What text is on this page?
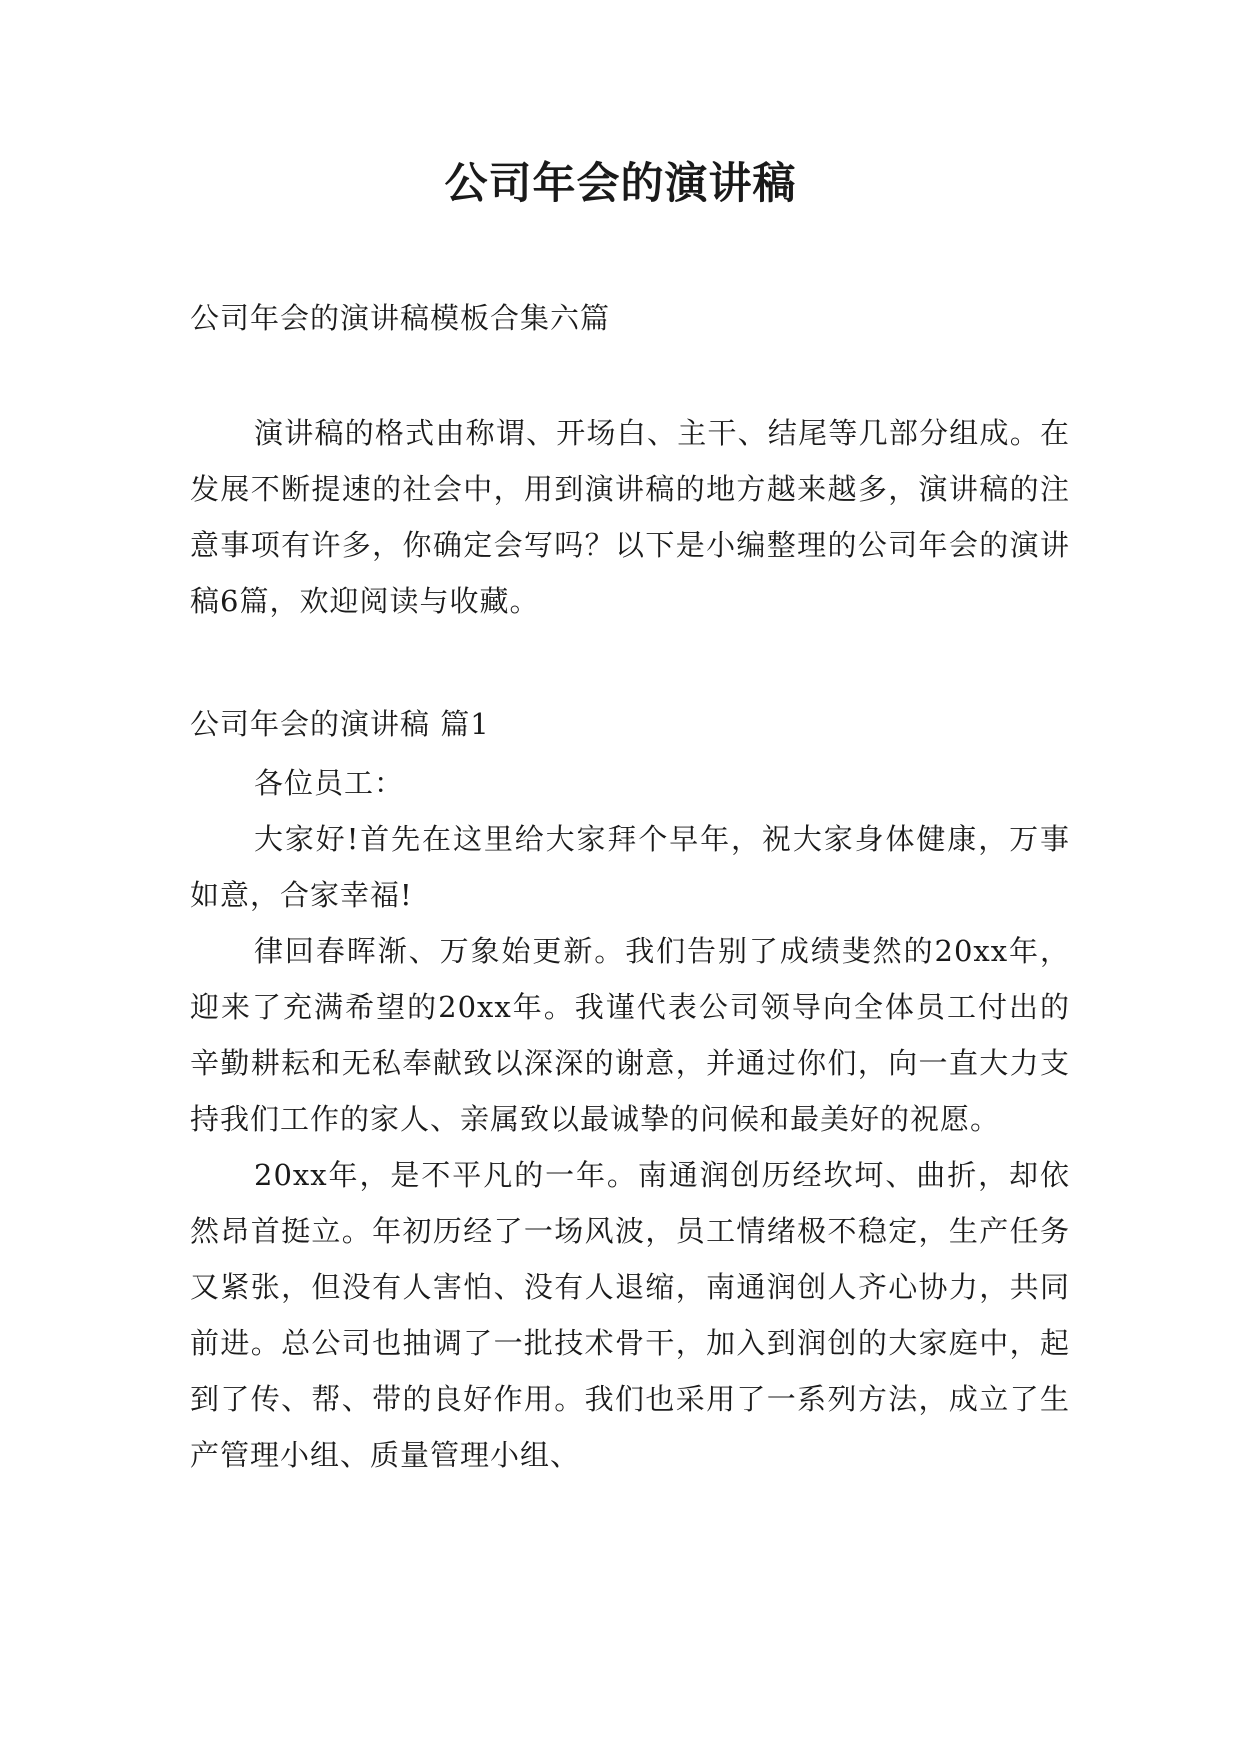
公司年会的演讲稿
公司年会的演讲稿模板合集六篇

演讲稿的格式由称谓、开场白、主干、结尾等几部分组成。在发展不断提速的社会中，用到演讲稿的地方越来越多，演讲稿的注意事项有许多，你确定会写吗？以下是小编整理的公司年会的演讲稿6篇，欢迎阅读与收藏。

公司年会的演讲稿 篇1

各位员工：

大家好!首先在这里给大家拜个早年，祝大家身体健康，万事如意，合家幸福!

律回春晖渐、万象始更新。我们告别了成绩斐然的20xx年，迎来了充满希望的20xx年。我谨代表公司领导向全体员工付出的辛勤耕耘和无私奉献致以深深的谢意，并通过你们，向一直大力支持我们工作的家人、亲属致以最诚挚的问候和最美好的祝愿。

20xx年，是不平凡的一年。南通润创历经坎坷、曲折，却依然昂首挺立。年初历经了一场风波，员工情绪极不稳定，生产任务又紧张，但没有人害怕、没有人退缩，南通润创人齐心协力，共同前进。总公司也抽调了一批技术骨干，加入到润创的大家庭中，起到了传、帮、带的良好作用。我们也采用了一系列方法，成立了生产管理小组、质量管理小组、
